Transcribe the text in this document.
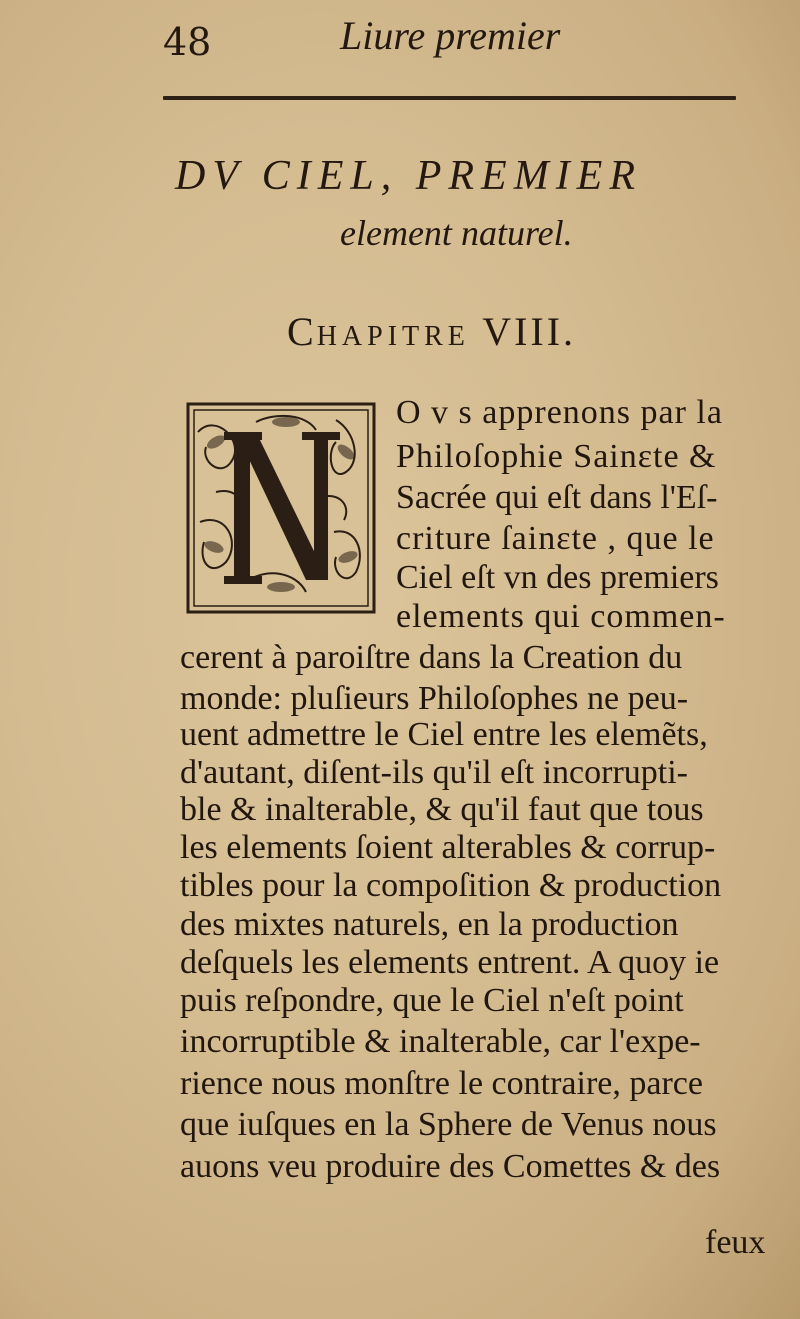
48	Liure premier
DV CIEL, PREMIER
element naturel.
CHAPITRE VIII.
O v s apprenons par la
Philoſophie Sainɛte &
Sacrée qui eſt dans l'Eſ-
criture ſainɛte , que le
Ciel eſt vn des premiers
elements qui commen-
cerent à paroiſtre dans la Creation du
monde: pluſieurs Philoſophes ne peu-
uent admettre le Ciel entre les elemẽts,
d'autant, diſent-ils qu'il eſt incorrupti-
ble & inalterable, & qu'il faut que tous
les elements ſoient alterables & corrup-
tibles pour la compoſition & production
des mixtes naturels, en la production
deſquels les elements entrent. A quoy ie
puis reſpondre, que le Ciel n'eſt point
incorruptible & inalterable, car l'expe-
rience nous monſtre le contraire, parce
que iuſques en la Sphere de Venus nous
auons veu produire des Comettes & des
feux
